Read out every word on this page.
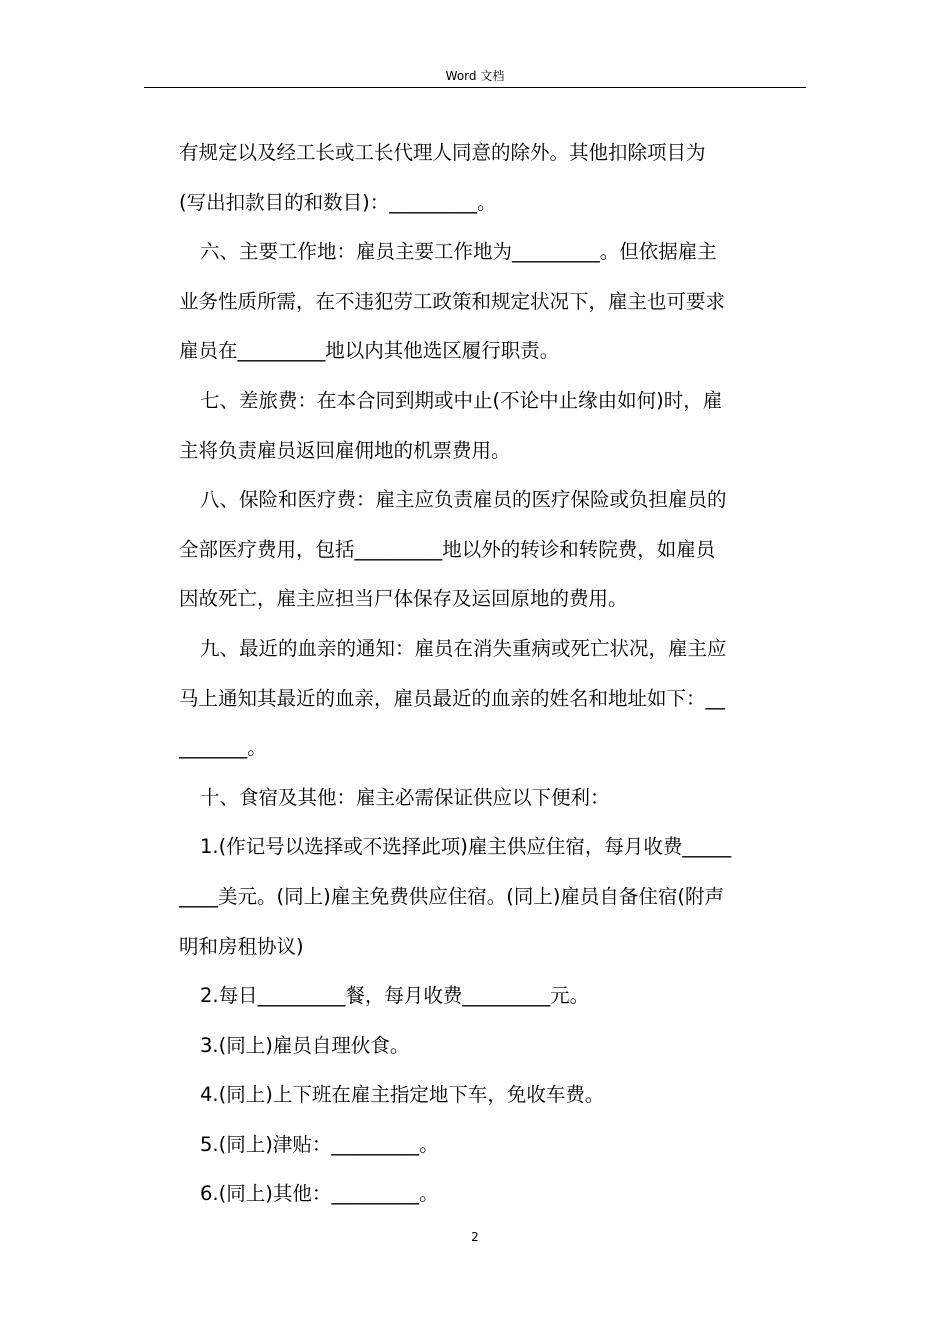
Word 文档
有规定以及经工长或工长代理人同意的除外。其他扣除项目为
(写出扣款目的和数目)：_________。
六、主要工作地：雇员主要工作地为_________。但依据雇主
业务性质所需，在不违犯劳工政策和规定状况下，雇主也可要求
雇员在_________地以内其他选区履行职责。
七、差旅费：在本合同到期或中止(不论中止缘由如何)时，雇
主将负责雇员返回雇佣地的机票费用。
八、保险和医疗费：雇主应负责雇员的医疗保险或负担雇员的
全部医疗费用，包括_________地以外的转诊和转院费，如雇员
因故死亡，雇主应担当尸体保存及运回原地的费用。
九、最近的血亲的通知：雇员在消失重病或死亡状况，雇主应
马上通知其最近的血亲，雇员最近的血亲的姓名和地址如下：__
_______。
十、食宿及其他：雇主必需保证供应以下便利：
1.(作记号以选择或不选择此项)雇主供应住宿，每月收费_____
____美元。(同上)雇主免费供应住宿。(同上)雇员自备住宿(附声
明和房租协议)
2.每日_________餐，每月收费_________元。
3.(同上)雇员自理伙食。
4.(同上)上下班在雇主指定地下车，免收车费。
5.(同上)津贴：_________。
6.(同上)其他：_________。
2
